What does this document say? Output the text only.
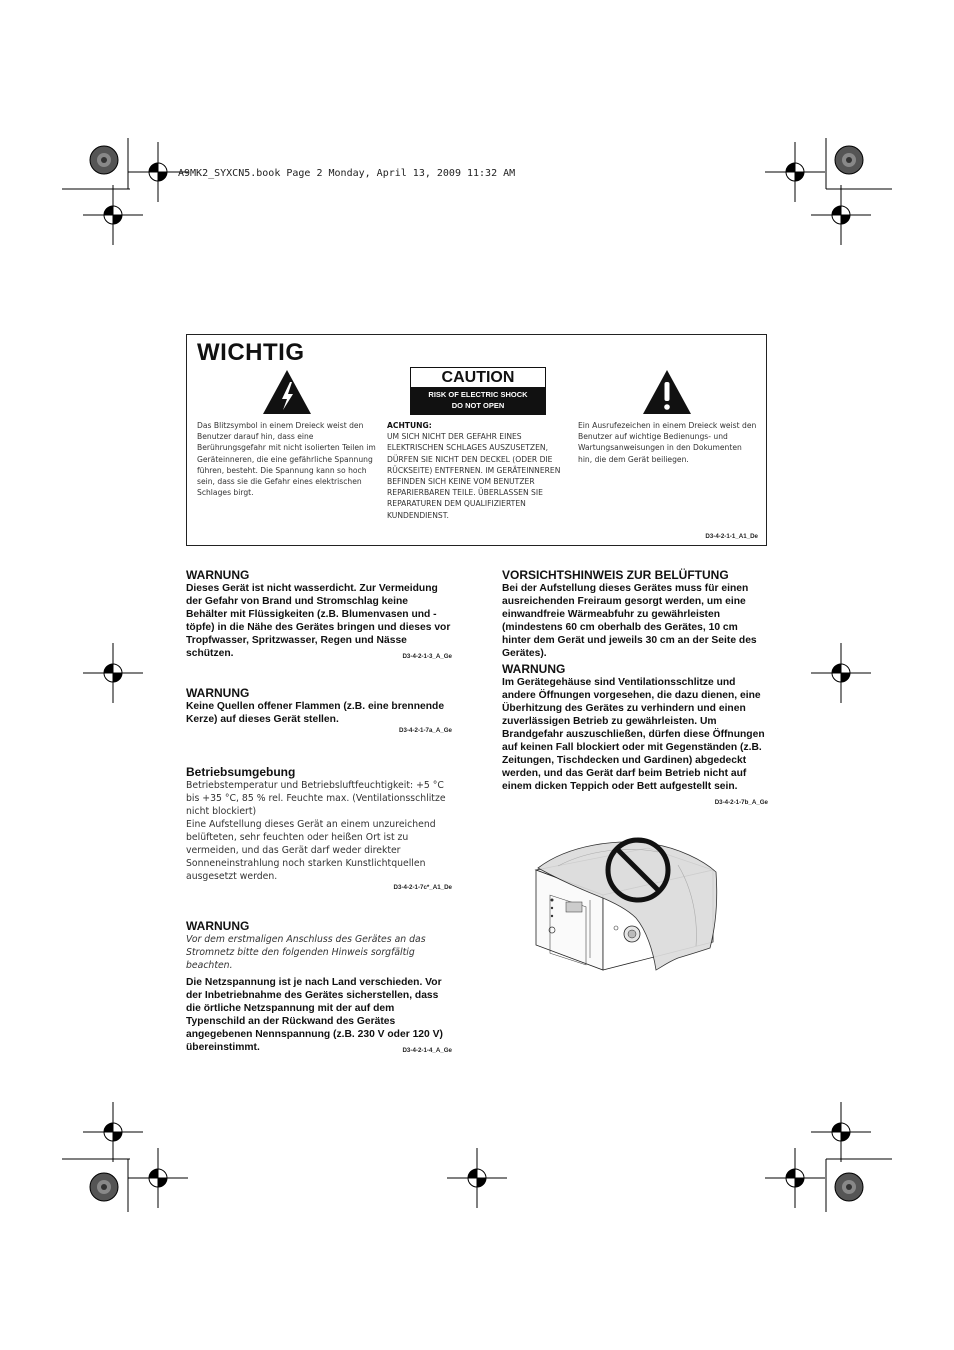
A9MK2_SYXCN5.book Page 2 Monday, April 13, 2009 11:32 AM
WICHTIG
CAUTION
RISK OF ELECTRIC SHOCK
DO NOT OPEN
Das Blitzsymbol in einem Dreieck weist den Benutzer darauf hin, dass eine Berührungsgefahr mit nicht isolierten Teilen im Geräteinneren, die eine gefährliche Spannung führen, besteht. Die Spannung kann so hoch sein, dass sie die Gefahr eines elektrischen Schlages birgt.
ACHTUNG:
UM SICH NICHT DER GEFAHR EINES ELEKTRISCHEN SCHLAGES AUSZUSETZEN, DÜRFEN SIE NICHT DEN DECKEL (ODER DIE RÜCKSEITE) ENTFERNEN. IM GERÄTEINNEREN BEFINDEN SICH KEINE VOM BENUTZER REPARIERBAREN TEILE. ÜBERLASSEN SIE REPARATUREN DEM QUALIFIZIERTEN KUNDENDIENST.
Ein Ausrufezeichen in einem Dreieck weist den Benutzer auf wichtige Bedienungs- und Wartungsanweisungen in den Dokumenten hin, die dem Gerät beiliegen.
D3-4-2-1-1_A1_De

WARNUNG

Dieses Gerät ist nicht wasserdicht. Zur Vermeidung der Gefahr von Brand und Stromschlag keine Behälter mit Flüssigkeiten (z.B. Blumenvasen und -töpfe) in die Nähe des Gerätes bringen und dieses vor Tropfwasser, Spritzwasser, Regen und Nässe schützen.	D3-4-2-1-3_A_Ge

WARNUNG

Keine Quellen offener Flammen (z.B. eine brennende Kerze) auf dieses Gerät stellen.

D3-4-2-1-7a_A_Ge

Betriebsumgebung

Betriebstemperatur und Betriebsluftfeuchtigkeit: +5 °C bis +35 °C, 85 % rel. Feuchte max. (Ventilationsschlitze nicht blockiert)

Eine Aufstellung dieses Gerät an einem unzureichend belüfteten, sehr feuchten oder heißen Ort ist zu vermeiden, und das Gerät darf weder direkter Sonneneinstrahlung noch starken Kunstlichtquellen ausgesetzt werden.

D3-4-2-1-7c*_A1_De

WARNUNG

Vor dem erstmaligen Anschluss des Gerätes an das Stromnetz bitte den folgenden Hinweis sorgfältig beachten.

Die Netzspannung ist je nach Land verschieden. Vor der Inbetriebnahme des Gerätes sicherstellen, dass die örtliche Netzspannung mit der auf dem Typenschild an der Rückwand des Gerätes angegebenen Nennspannung (z.B. 230 V oder 120 V) übereinstimmt.	D3-4-2-1-4_A_Ge

VORSICHTSHINWEIS ZUR BELÜFTUNG

Bei der Aufstellung dieses Gerätes muss für einen ausreichenden Freiraum gesorgt werden, um eine einwandfreie Wärmeabfuhr zu gewährleisten (mindestens 60 cm oberhalb des Gerätes, 10 cm hinter dem Gerät und jeweils 30 cm an der Seite des Gerätes).

WARNUNG

Im Gerätegehäuse sind Ventilationsschlitze und andere Öffnungen vorgesehen, die dazu dienen, eine Überhitzung des Gerätes zu verhindern und einen zuverlässigen Betrieb zu gewährleisten. Um Brandgefahr auszuschließen, dürfen diese Öffnungen auf keinen Fall blockiert oder mit Gegenständen (z.B. Zeitungen, Tischdecken und Gardinen) abgedeckt werden, und das Gerät darf beim Betrieb nicht auf einem dicken Teppich oder Bett aufgestellt sein.
D3-4-2-1-7b_A_Ge
